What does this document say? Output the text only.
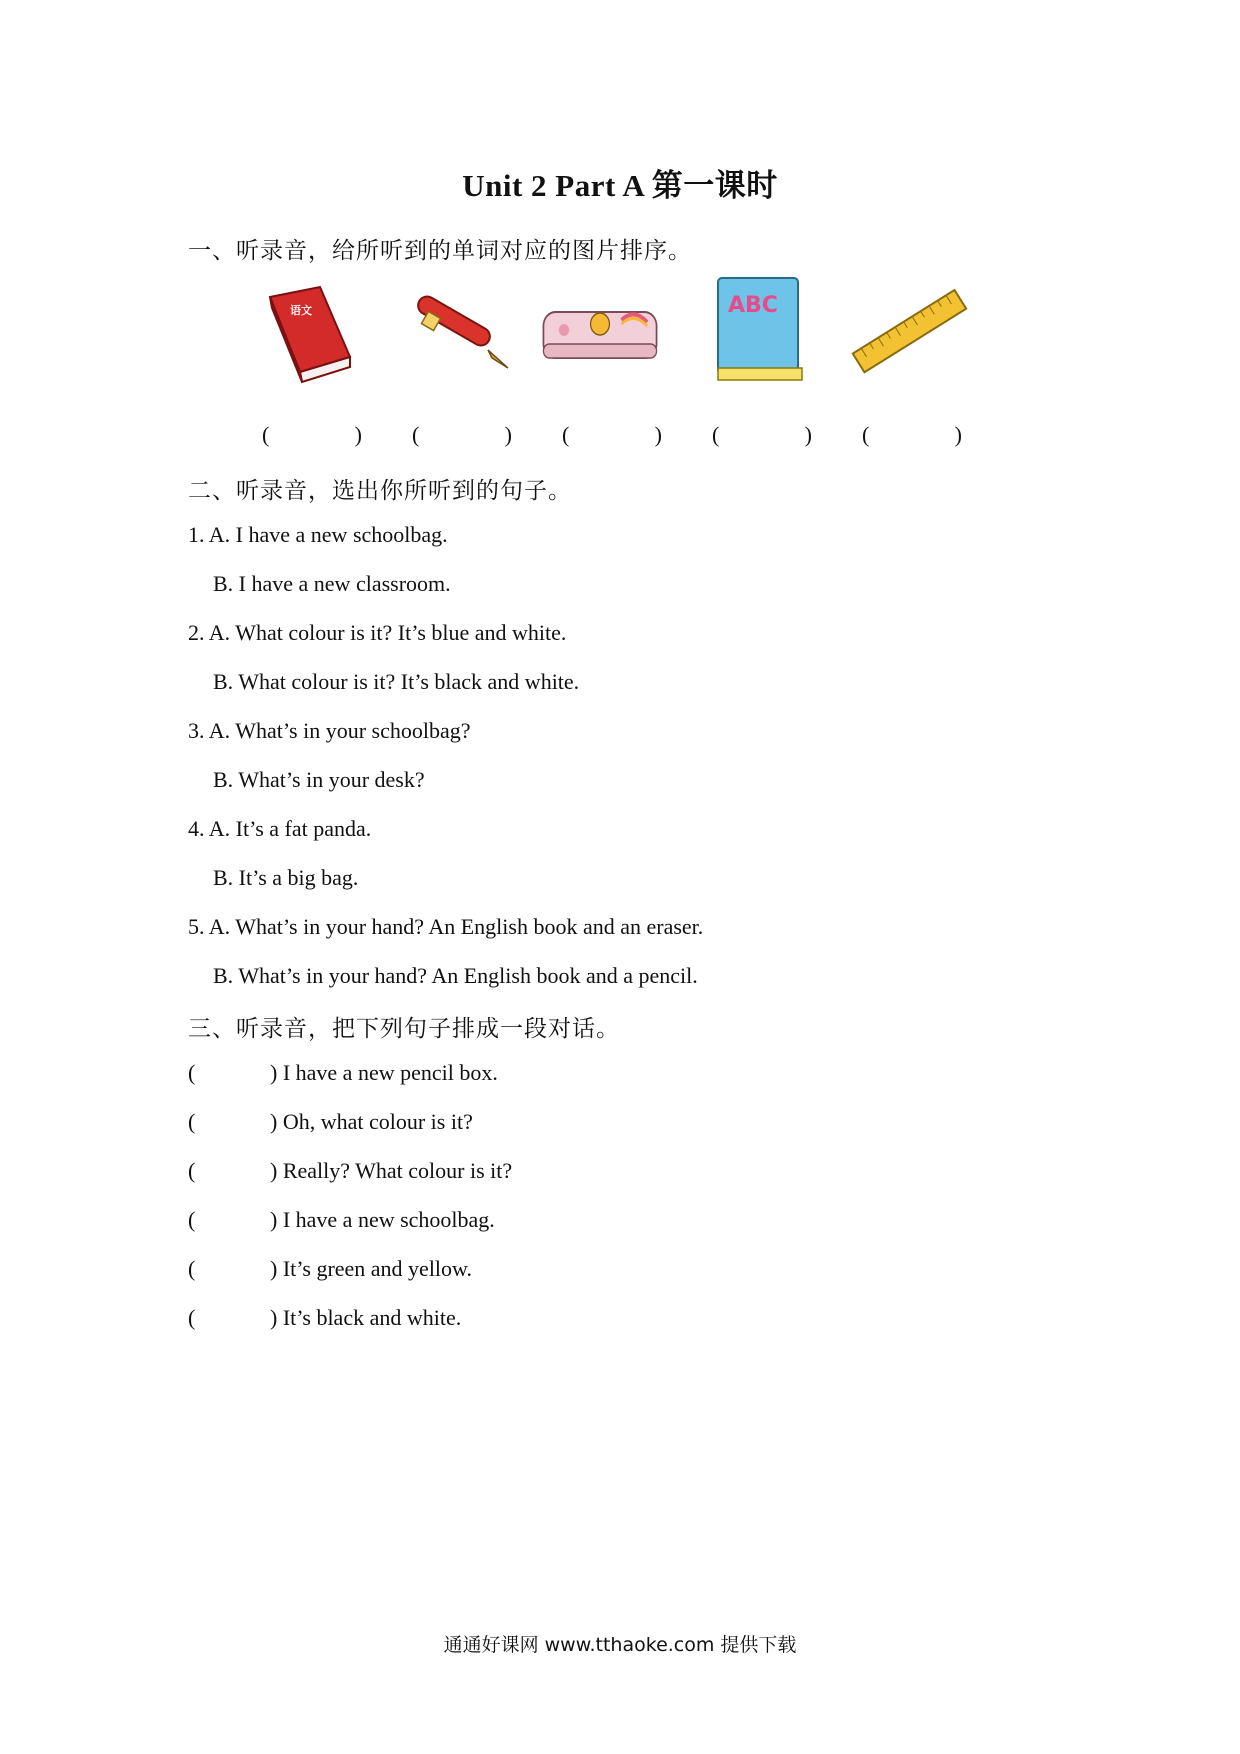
Unit 2 Part A 第一课时
一、听录音，给所听到的单词对应的图片排序。
语文	ABC
(	) (	) (	) (	) (	)
二、听录音，选出你所听到的句子。
1. A. I have a new schoolbag.
B. I have a new classroom.
2. A. What colour is it? It’s blue and white.
B. What colour is it? It’s black and white.
3. A. What’s in your schoolbag?
B. What’s in your desk?
4. A. It’s a fat panda.
B. It’s a big bag.
5. A. What’s in your hand? An English book and an eraser.
B. What’s in your hand? An English book and a pencil.
三、听录音，把下列句子排成一段对话。
(	) I have a new pencil box.
(	) Oh, what colour is it?
(	) Really? What colour is it?
(	) I have a new schoolbag.
(	) It’s green and yellow.
(	) It’s black and white.
通通好课网 www.tthaoke.com 提供下载
